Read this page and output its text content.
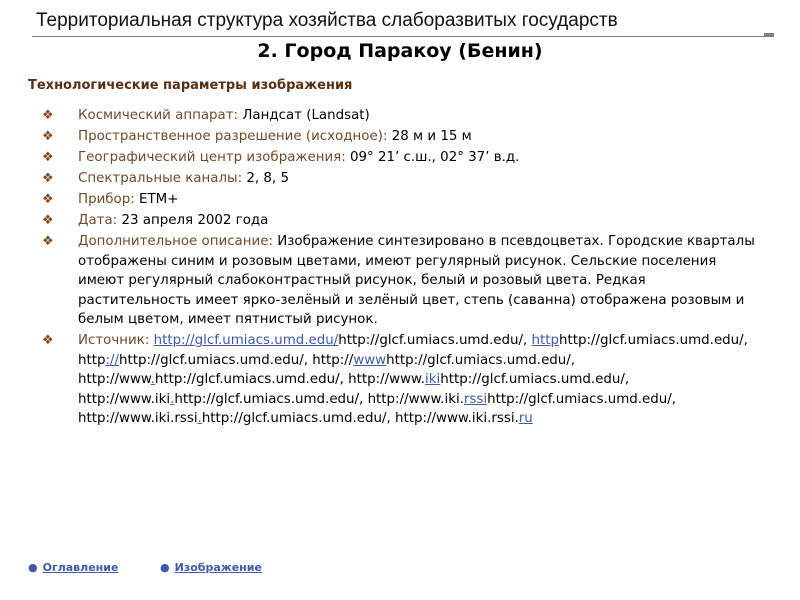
Территориальная структура хозяйства слаборазвитых государств
2. Город Паракоу (Бенин)
Технологические параметры изображения
❖ Космический аппарат: Ландсат (Landsat)
❖ Пространственное разрешение (исходное): 28 м и 15 м
❖ Географический центр изображения: 09° 21’ с.ш., 02° 37’ в.д.
❖ Спектральные каналы: 2, 8, 5
❖ Прибор: ETM+
❖ Дата: 23 апреля 2002 года
❖ Дополнительное описание: Изображение синтезировано в псевдоцветах. Городские кварталы отображены синим и розовым цветами, имеют регулярный рисунок. Сельские поселения имеют регулярный слабоконтрастный рисунок, белый и розовый цвета. Редкая растительность имеет ярко-зелёный и зелёный цвет, степь (саванна) отображена розовым и белым цветом, имеет пятнистый рисунок.
❖ Источник: http://glcf.umiacs.umd.edu/http://glcf.umiacs.umd.edu/, httphttp://glcf.umiacs.umd.edu/, http://http://glcf.umiacs.umd.edu/, http://wwwhttp://glcf.umiacs.umd.edu/, http://www.http://glcf.umiacs.umd.edu/, http://www.ikihttp://glcf.umiacs.umd.edu/, http://www.iki.http://glcf.umiacs.umd.edu/, http://www.iki.rssihttp://glcf.umiacs.umd.edu/, http://www.iki.rssi.http://glcf.umiacs.umd.edu/, http://www.iki.rssi.ru
● Оглавление	● Изображение
